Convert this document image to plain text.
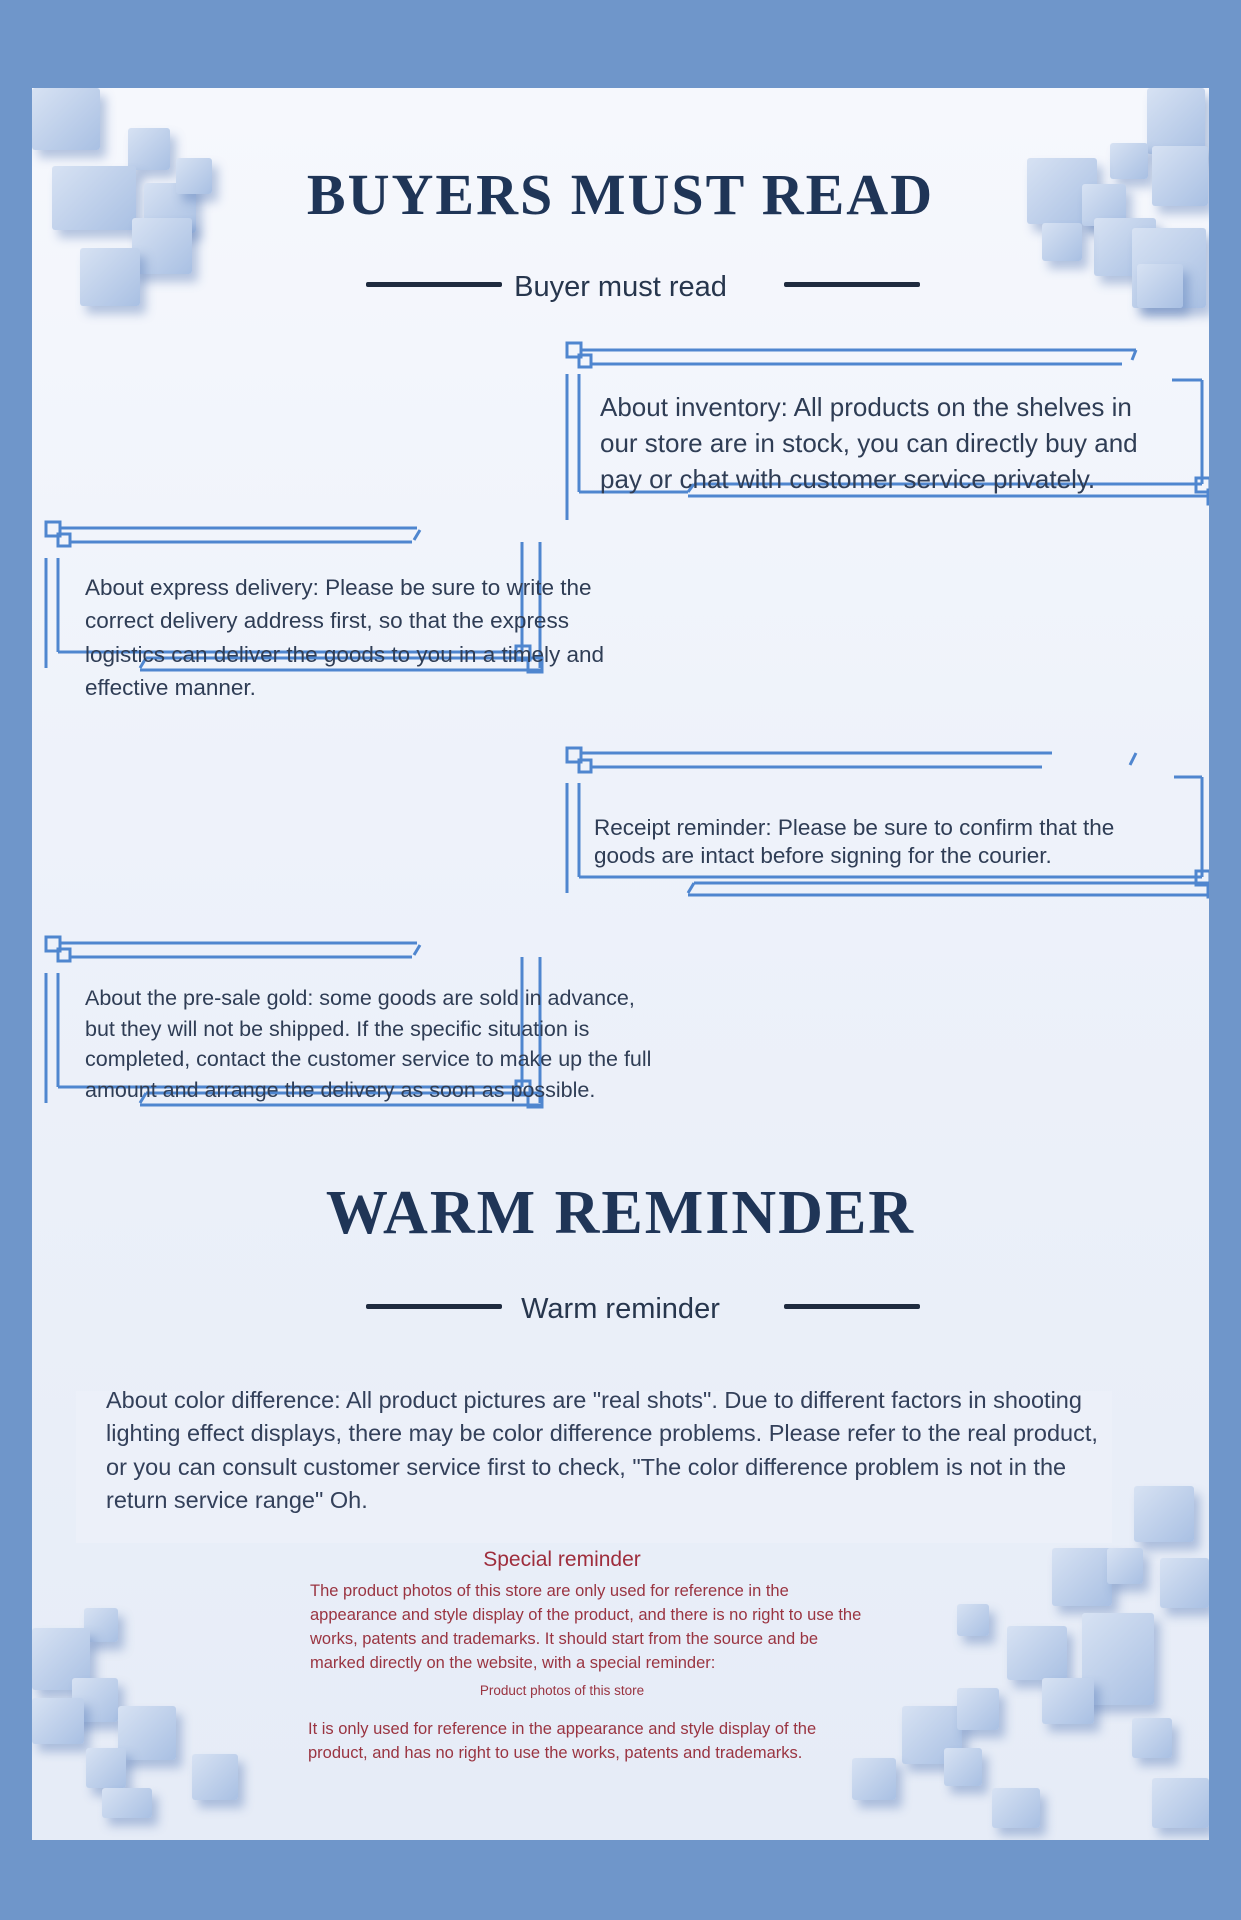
BUYERS MUST READ
Buyer must read
About inventory: All products on the shelves in our store are in stock, you can directly buy and pay or chat with customer service privately.
About express delivery: Please be sure to write the correct delivery address first, so that the express logistics can deliver the goods to you in a timely and effective manner.
Receipt reminder: Please be sure to confirm that the goods are intact before signing for the courier.
About the pre-sale gold: some goods are sold in advance, but they will not be shipped. If the specific situation is completed, contact the customer service to make up the full amount and arrange the delivery as soon as possible.
WARM REMINDER
Warm reminder
About color difference: All product pictures are "real shots". Due to different factors in shooting lighting effect displays, there may be color difference problems. Please refer to the real product, or you can consult customer service first to check, "The color difference problem is not in the return service range" Oh.
Special reminder
The product photos of this store are only used for reference in the appearance and style display of the product, and there is no right to use the works, patents and trademarks. It should start from the source and be marked directly on the website, with a special reminder:
Product photos of this store
It is only used for reference in the appearance and style display of the product, and has no right to use the works, patents and trademarks.
